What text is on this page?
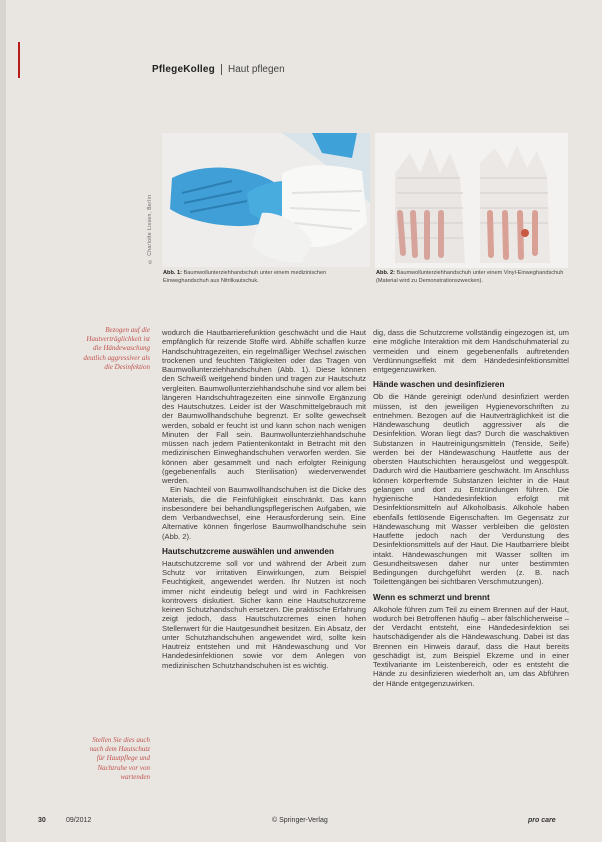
PflegeKolleg Haut pflegen
© Charlotte Lissen, Berlin
Abb. 1: Baumwollunterziehhandschuh unter einem medizinischen Einweghandschuh aus Nitrilkautschuk.
Abb. 2: Baumwollunterziehhandschuh unter einem Vinyl-Einweghandschuh (Material wird zu Demonstrationszwecken).
Bezogen auf die Hautverträglichkeit ist die Händewaschung deutlich aggressiver als die Desinfektion
Stellen Sie dies auch nach dem Hautschutz für Hautpflege und Nachtruhe vor von wartenden

wodurch die Hautbarrierefunktion geschwächt und die Haut empfänglich für reizende Stoffe wird. Abhilfe schaffen kurze Handschuhtragezeiten, ein regelmäßiger Wechsel zwischen trockenen und feuchten Tätigkeiten oder das Tragen von Baumwollunterziehhandschuhen (Abb. 1). Diese können den Schweiß weitgehend binden und tragen zur Hautschutz vergleiten. Baumwollunterziehhandschuhe sind vor allem bei längeren Handschuhtragezeiten eine sinnvolle Ergänzung des Hautschutzes. Leider ist der Waschmittelgebrauch mit der Baumwollhandschuhe begrenzt. Er sollte gewechselt werden, sobald er feucht ist und kann schon nach wenigen Minuten der Fall sein. Baumwollunterziehhandschuhe müssen nach jedem Patientenkontakt in Betracht mit den medizinischen Einweghandschuhen verworfen werden. Sie können aber gesammelt und nach erfolgter Reinigung (gegebenenfalls auch Sterilisation) wiederverwendet werden.

Ein Nachteil von Baumwollhandschuhen ist die Dicke des Materials, die die Feinfühligkeit einschränkt. Das kann insbesondere bei behandlungspflegerischen Aufgaben, wie dem Verbandwechsel, eine Herausforderung sein. Eine Alternative können fingerlose Baumwollhandschuhe sein (Abb. 2).

Hautschutzcreme auswählen und anwenden

Hautschutzcreme soll vor und während der Arbeit zum Schutz vor irritativen Einwirkungen, zum Beispiel Feuchtigkeit, angewendet werden. Ihr Nutzen ist noch immer nicht eindeutig belegt und wird in Fachkreisen kontrovers diskutiert. Sicher kann eine Hautschutzcreme keinen Schutzhandschuh ersetzen. Die praktische Erfahrung zeigt jedoch, dass Hautschutzcremes einen hohen Stellenwert für die Hautgesundheit besitzen. Ein Absatz, der unter Schutzhandschuhen angewendet wird, sollte kein Hautreiz entstehen und mit Händewaschung und Vor Handedesinfektionen sowie vor dem Anlegen von medizinischen Schutzhandschuhen ist es wichtig.

dig, dass die Schutzcreme vollständig eingezogen ist, um eine mögliche Interaktion mit dem Handschuhmaterial zu vermeiden und einem gegebenenfalls auftretenden Verdünnungseffekt mit dem Händedesinfektionsmittel entgegenzuwirken.

Hände waschen und desinfizieren

Ob die Hände gereinigt oder/und desinfiziert werden müssen, ist den jeweiligen Hygienevorschriften zu entnehmen. Bezogen auf die Hautverträglichkeit ist die Händewaschung deutlich aggressiver als die Desinfektion. Woran liegt das? Durch die waschaktiven Substanzen in Hautreinigungsmitteln (Tenside, Seife) werden bei der Händewaschung Hautfette aus der obersten Hautschichten herausgelöst und weggespült. Dadurch wird die Hautbarriere geschwächt. Im Anschluss können körperfremde Substanzen leichter in die Haut gelangen und dort zu Entzündungen führen. Die hygienische Händedesinfektion erfolgt mit Desinfektionsmitteln auf Alkoholbasis. Alkohole haben ebenfalls fettlösende Eigenschaften. Im Gegensatz zur Händewaschung mit Wasser verbleiben die gelösten Hautfette jedoch nach der Verdunstung des Desinfektionsmittels auf der Haut. Die Hautbarriere bleibt intakt. Händewaschungen mit Wasser sollten im Gesundheitswesen daher nur unter bestimmten Bedingungen durchgeführt werden (z. B. nach Toilettengängen bei sichtbaren Verschmutzungen).

Wenn es schmerzt und brennt

Alkohole führen zum Teil zu einem Brennen auf der Haut, wodurch bei Betroffenen häufig – aber fälschlicherweise – der Verdacht entsteht, eine Händedesinfektion sei hautschädigender als die Händewaschung. Dabei ist das Brennen ein Hinweis darauf, dass die Haut bereits geschädigt ist, zum Beispiel Ekzeme und in einer Textilvariante im Leistenbereich, oder es entsteht die Hände zu desinfizieren wiederholt an, um das Abführen der Hände entgegenzuwirken.

30	09/2012	© Springer-Verlag	pro care
